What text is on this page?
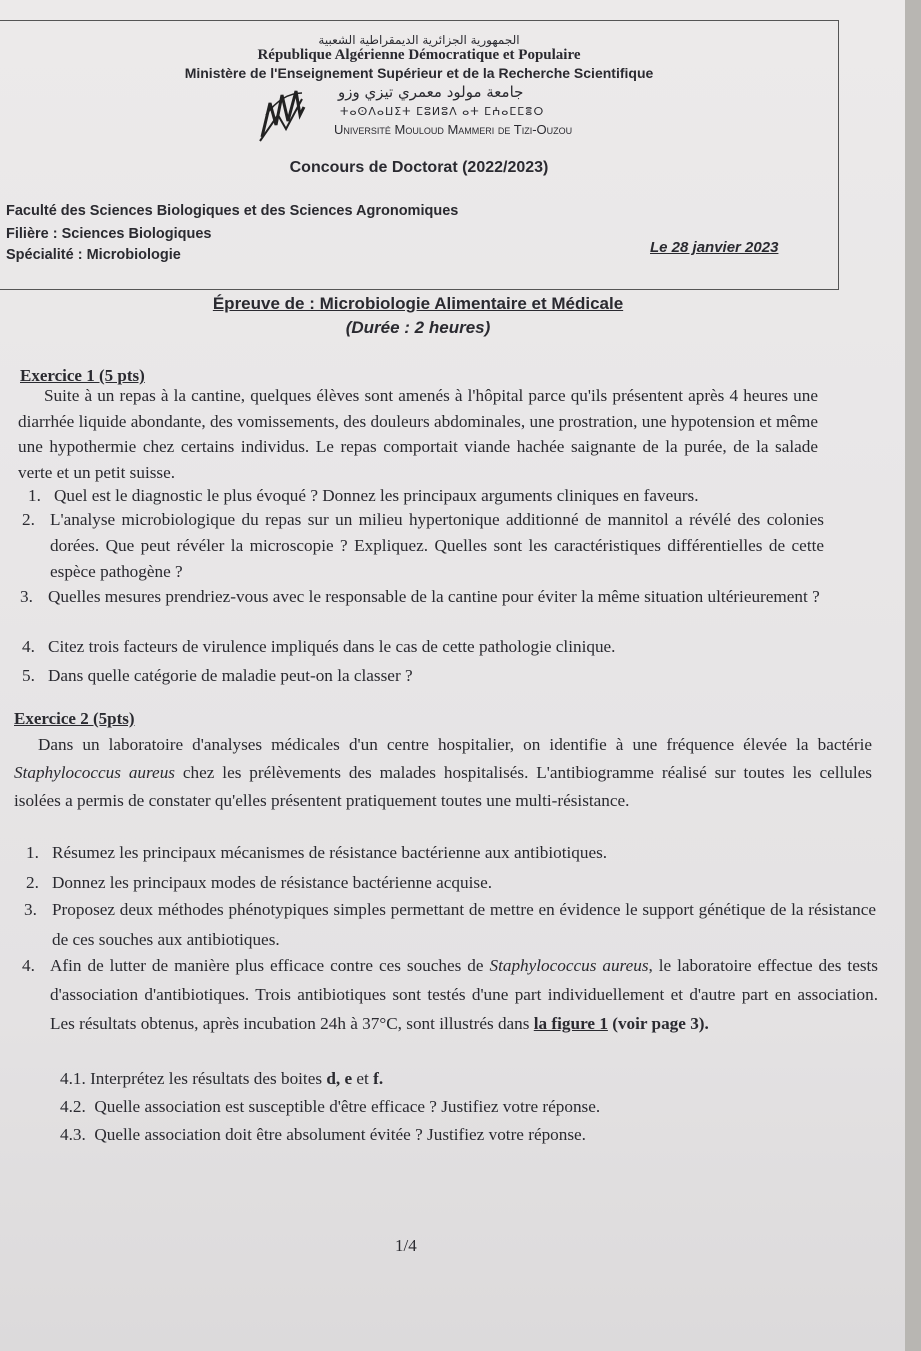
الجمهورية الجزائرية الديمقراطية الشعبية
République Algérienne Démocratique et Populaire
Ministère de l'Enseignement Supérieur et de la Recherche Scientifique
جامعة مولود معمري تيزي وزو
ⵜⴰⵙⴷⴰⵡⵉⵜ ⵎⵓⵍⵓⴷ ⴰⵜ ⵎⵄⴰⵎⵎⴻⵔ
Université Mouloud Mammeri de Tizi-Ouzou
Concours de Doctorat (2022/2023)
Faculté des Sciences Biologiques et des Sciences Agronomiques
Filière : Sciences Biologiques
Spécialité : Microbiologie	Le 28 janvier 2023
Épreuve de : Microbiologie Alimentaire et Médicale
(Durée : 2 heures)
Exercice 1 (5 pts)
Suite à un repas à la cantine, quelques élèves sont amenés à l'hôpital parce qu'ils présentent après 4 heures une diarrhée liquide abondante, des vomissements, des douleurs abdominales, une prostration, une hypotension et même une hypothermie chez certains individus. Le repas comportait viande hachée saignante de la purée, de la salade verte et un petit suisse.
1. Quel est le diagnostic le plus évoqué ? Donnez les principaux arguments cliniques en faveurs.
2. L'analyse microbiologique du repas sur un milieu hypertonique additionné de mannitol a révélé des colonies dorées. Que peut révéler la microscopie ? Expliquez. Quelles sont les caractéristiques différentielles de cette espèce pathogène ?
3. Quelles mesures prendriez-vous avec le responsable de la cantine pour éviter la même situation ultérieurement ?
4. Citez trois facteurs de virulence impliqués dans le cas de cette pathologie clinique.
5. Dans quelle catégorie de maladie peut-on la classer ?
Exercice 2 (5pts)
Dans un laboratoire d'analyses médicales d'un centre hospitalier, on identifie à une fréquence élevée la bactérie Staphylococcus aureus chez les prélèvements des malades hospitalisés. L'antibiogramme réalisé sur toutes les cellules isolées a permis de constater qu'elles présentent pratiquement toutes une multi-résistance.
1. Résumez les principaux mécanismes de résistance bactérienne aux antibiotiques.
2. Donnez les principaux modes de résistance bactérienne acquise.
3. Proposez deux méthodes phénotypiques simples permettant de mettre en évidence le support génétique de la résistance de ces souches aux antibiotiques.
4. Afin de lutter de manière plus efficace contre ces souches de Staphylococcus aureus, le laboratoire effectue des tests d'association d'antibiotiques. Trois antibiotiques sont testés d'une part individuellement et d'autre part en association. Les résultats obtenus, après incubation 24h à 37°C, sont illustrés dans la figure 1 (voir page 3).
4.1. Interprétez les résultats des boites d, e et f.
4.2. Quelle association est susceptible d'être efficace ? Justifiez votre réponse.
4.3. Quelle association doit être absolument évitée ? Justifiez votre réponse.
1/4
